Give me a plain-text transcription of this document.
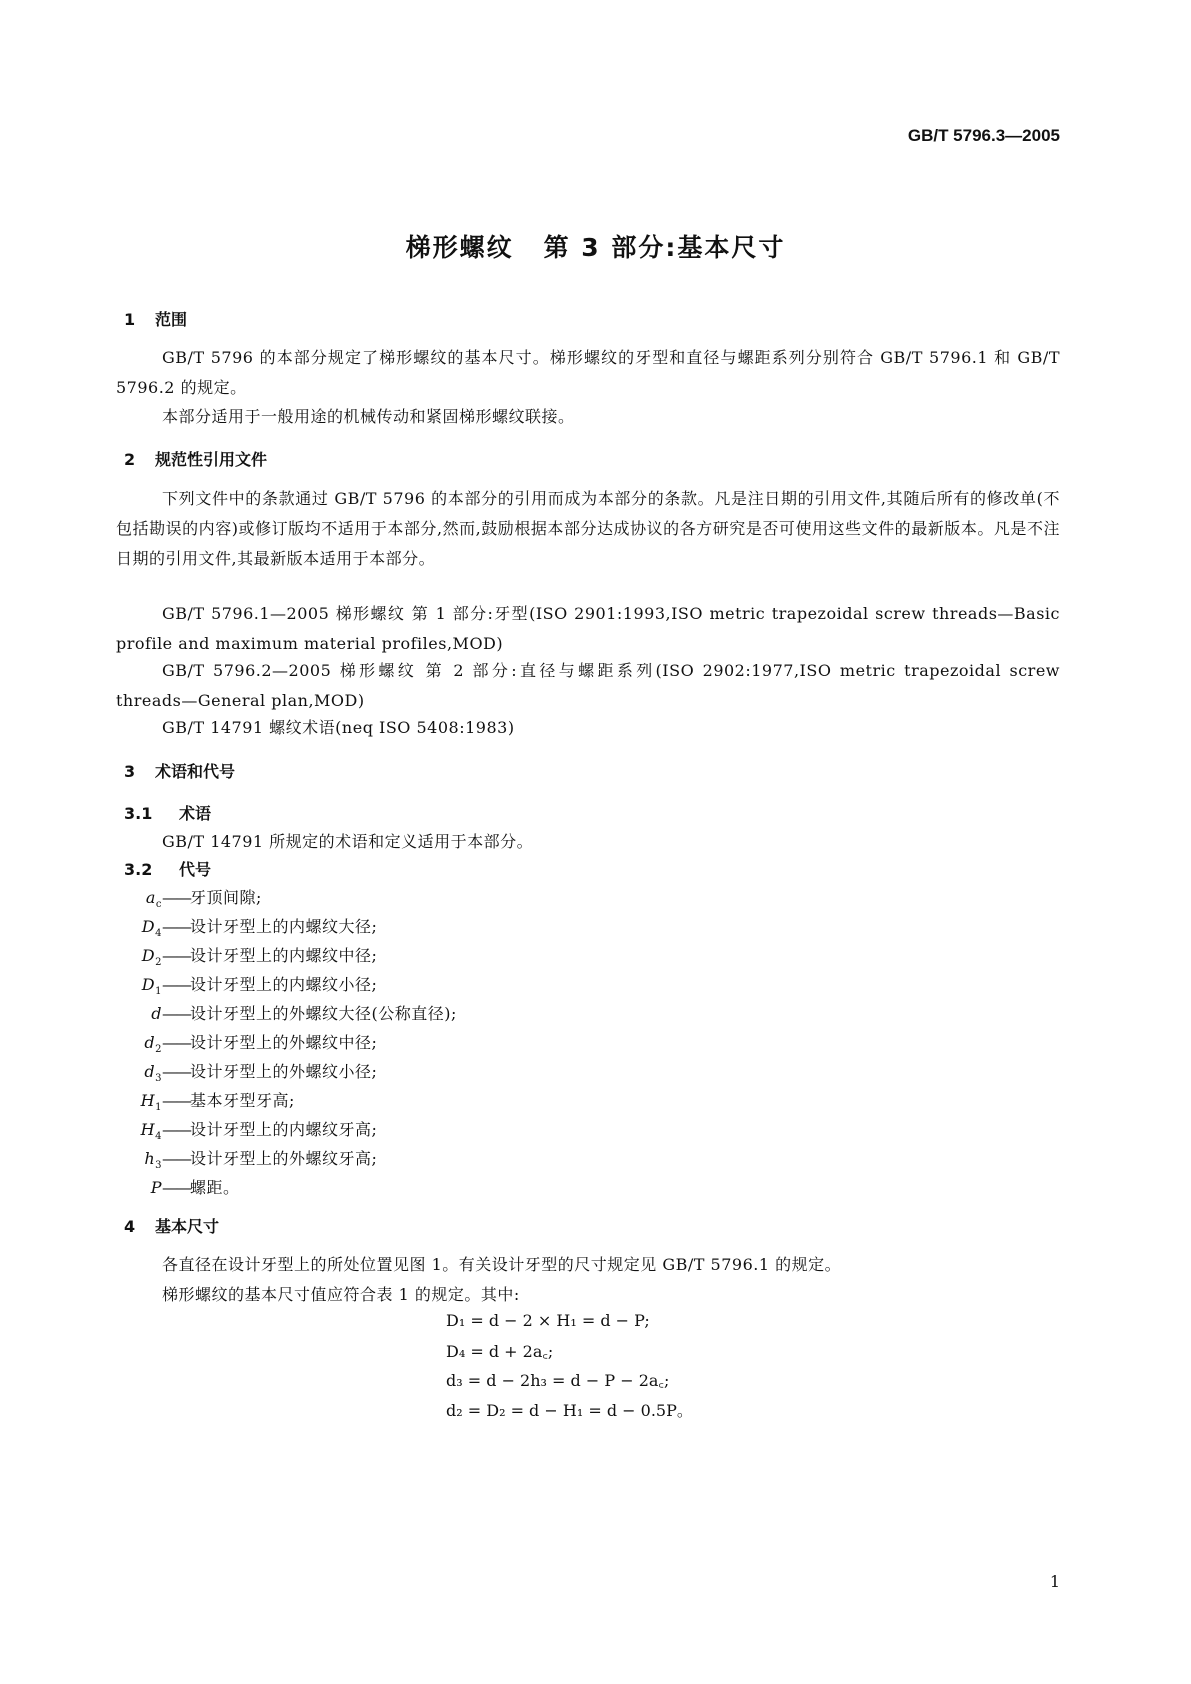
GB/T 5796.3—2005
梯形螺纹 第 3 部分:基本尺寸
1 范围
GB/T 5796 的本部分规定了梯形螺纹的基本尺寸。梯形螺纹的牙型和直径与螺距系列分别符合 GB/T 5796.1 和 GB/T 5796.2 的规定。
本部分适用于一般用途的机械传动和紧固梯形螺纹联接。
2 规范性引用文件
下列文件中的条款通过 GB/T 5796 的本部分的引用而成为本部分的条款。凡是注日期的引用文件,其随后所有的修改单(不包括勘误的内容)或修订版均不适用于本部分,然而,鼓励根据本部分达成协议的各方研究是否可使用这些文件的最新版本。凡是不注日期的引用文件,其最新版本适用于本部分。
GB/T 5796.1—2005 梯形螺纹 第 1 部分:牙型(ISO 2901:1993,ISO metric trapezoidal screw threads—Basic profile and maximum material profiles,MOD)
GB/T 5796.2—2005 梯形螺纹 第 2 部分:直径与螺距系列(ISO 2902:1977,ISO metric trapezoidal screw threads—General plan,MOD)
GB/T 14791 螺纹术语(neq ISO 5408:1983)
3 术语和代号
3.1 术语
GB/T 14791 所规定的术语和定义适用于本部分。
3.2 代号
$a_c——$牙顶间隙;
$D_4——$设计牙型上的内螺纹大径;
$D_2——$设计牙型上的内螺纹中径;
$D_1——$设计牙型上的内螺纹小径;
d——设计牙型上的外螺纹大径(公称直径);
$d_2——$设计牙型上的外螺纹中径;
$d_3——$设计牙型上的外螺纹小径;
$H_1——$基本牙型牙高;
$H_4——$设计牙型上的内螺纹牙高;
$h_3——$设计牙型上的外螺纹牙高;
P——螺距。
4 基本尺寸
各直径在设计牙型上的所处位置见图 1。有关设计牙型的尺寸规定见 GB/T 5796.1 的规定。
梯形螺纹的基本尺寸值应符合表 1 的规定。其中:
D₁ = d − 2 × H₁ = d − P;
D₄ = d + 2a꜀;
d₃ = d − 2h₃ = d − P − 2a꜀;
d₂ = D₂ = d − H₁ = d − 0.5P。
1
